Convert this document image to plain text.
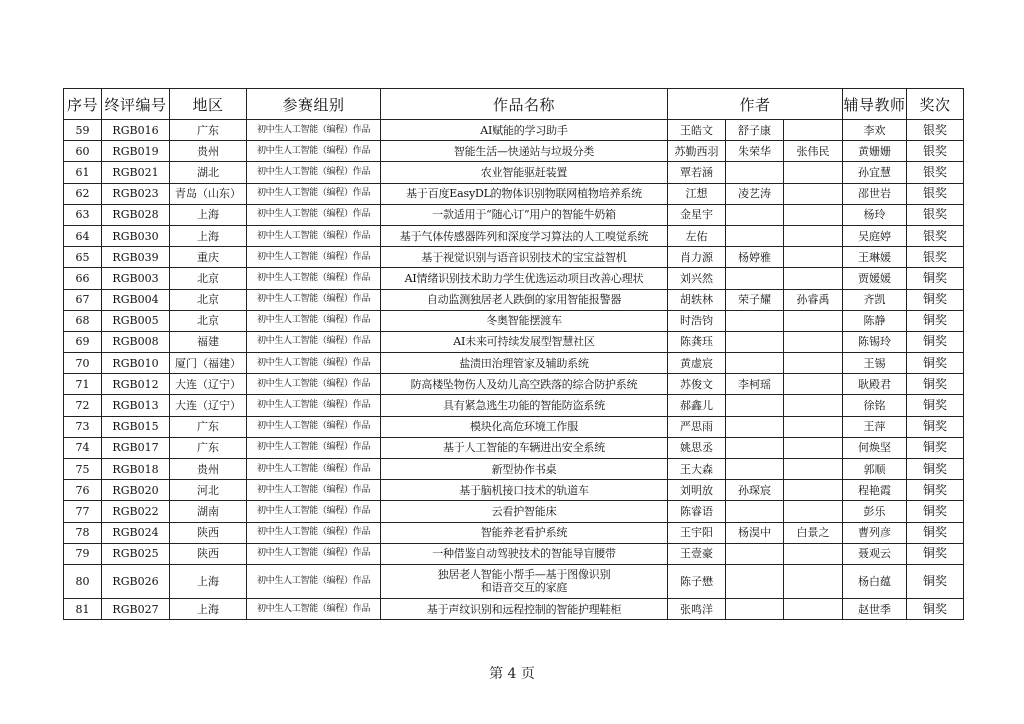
序号	终评编号	地区	参赛组别	作品名称	作者			辅导教师	奖次
59	RGB016	广东	初中生人工智能（编程）作品	AI赋能的学习助手	王皓文	舒子康		李欢	银奖
60	RGB019	贵州	初中生人工智能（编程）作品	智能生活—快递站与垃圾分类	苏勤西羽	朱荣华	张伟民	黄姗姗	银奖
61	RGB021	湖北	初中生人工智能（编程）作品	农业智能驱赶装置	覃若涵			孙宜慧	银奖
62	RGB023	青岛（山东）	初中生人工智能（编程）作品	基于百度EasyDL的物体识别物联网植物培养系统	江想	凌艺涛		邵世岩	银奖
63	RGB028	上海	初中生人工智能（编程）作品	一款适用于“随心订”用户的智能牛奶箱	金星宇			杨玲	银奖
64	RGB030	上海	初中生人工智能（编程）作品	基于气体传感器阵列和深度学习算法的人工嗅觉系统	左佑			吴庭婷	银奖
65	RGB039	重庆	初中生人工智能（编程）作品	基于视觉识别与语音识别技术的宝宝益智机	肖力源	杨婷雅		王琳媛	银奖
66	RGB003	北京	初中生人工智能（编程）作品	AI情绪识别技术助力学生优选运动项目改善心理状	刘兴然			贾媛媛	铜奖
67	RGB004	北京	初中生人工智能（编程）作品	自动监测独居老人跌倒的家用智能报警器	胡轶林	荣子耀	孙睿禹	齐凯	铜奖
68	RGB005	北京	初中生人工智能（编程）作品	冬奥智能摆渡车	时浩钧			陈静	铜奖
69	RGB008	福建	初中生人工智能（编程）作品	AI未来可持续发展型智慧社区	陈龚珏			陈锡玲	铜奖
70	RGB010	厦门（福建）	初中生人工智能（编程）作品	盐渍田治理管家及辅助系统	黄虚宸			王锡	铜奖
71	RGB012	大连（辽宁）	初中生人工智能（编程）作品	防高楼坠物伤人及幼儿高空跌落的综合防护系统	苏俊文	李柯瑶		耿殿君	铜奖
72	RGB013	大连（辽宁）	初中生人工智能（编程）作品	具有紧急逃生功能的智能防盗系统	郝鑫儿			徐铭	铜奖
73	RGB015	广东	初中生人工智能（编程）作品	模块化高危环境工作服	严思雨			王萍	铜奖
74	RGB017	广东	初中生人工智能（编程）作品	基于人工智能的车辆进出安全系统	姚思丞			何焕坚	铜奖
75	RGB018	贵州	初中生人工智能（编程）作品	新型协作书桌	王大森			郭顺	铜奖
76	RGB020	河北	初中生人工智能（编程）作品	基于脑机接口技术的轨道车	刘明放	孙琛宸		程艳霞	铜奖
77	RGB022	湖南	初中生人工智能（编程）作品	云看护智能床	陈睿语			彭乐	铜奖
78	RGB024	陕西	初中生人工智能（编程）作品	智能养老看护系统	王宇阳	杨淏中	白景之	曹列彦	铜奖
79	RGB025	陕西	初中生人工智能（编程）作品	一种借鉴自动驾驶技术的智能导盲腰带	王壹豪			聂观云	铜奖
80	RGB026	上海	初中生人工智能（编程）作品	独居老人智能小帮手—基于图像识别
和语音交互的家庭	陈子懋			杨白蕴	铜奖
81	RGB027	上海	初中生人工智能（编程）作品	基于声纹识别和远程控制的智能护理鞋柜	张鸣洋			赵世季	铜奖
第 4 页
